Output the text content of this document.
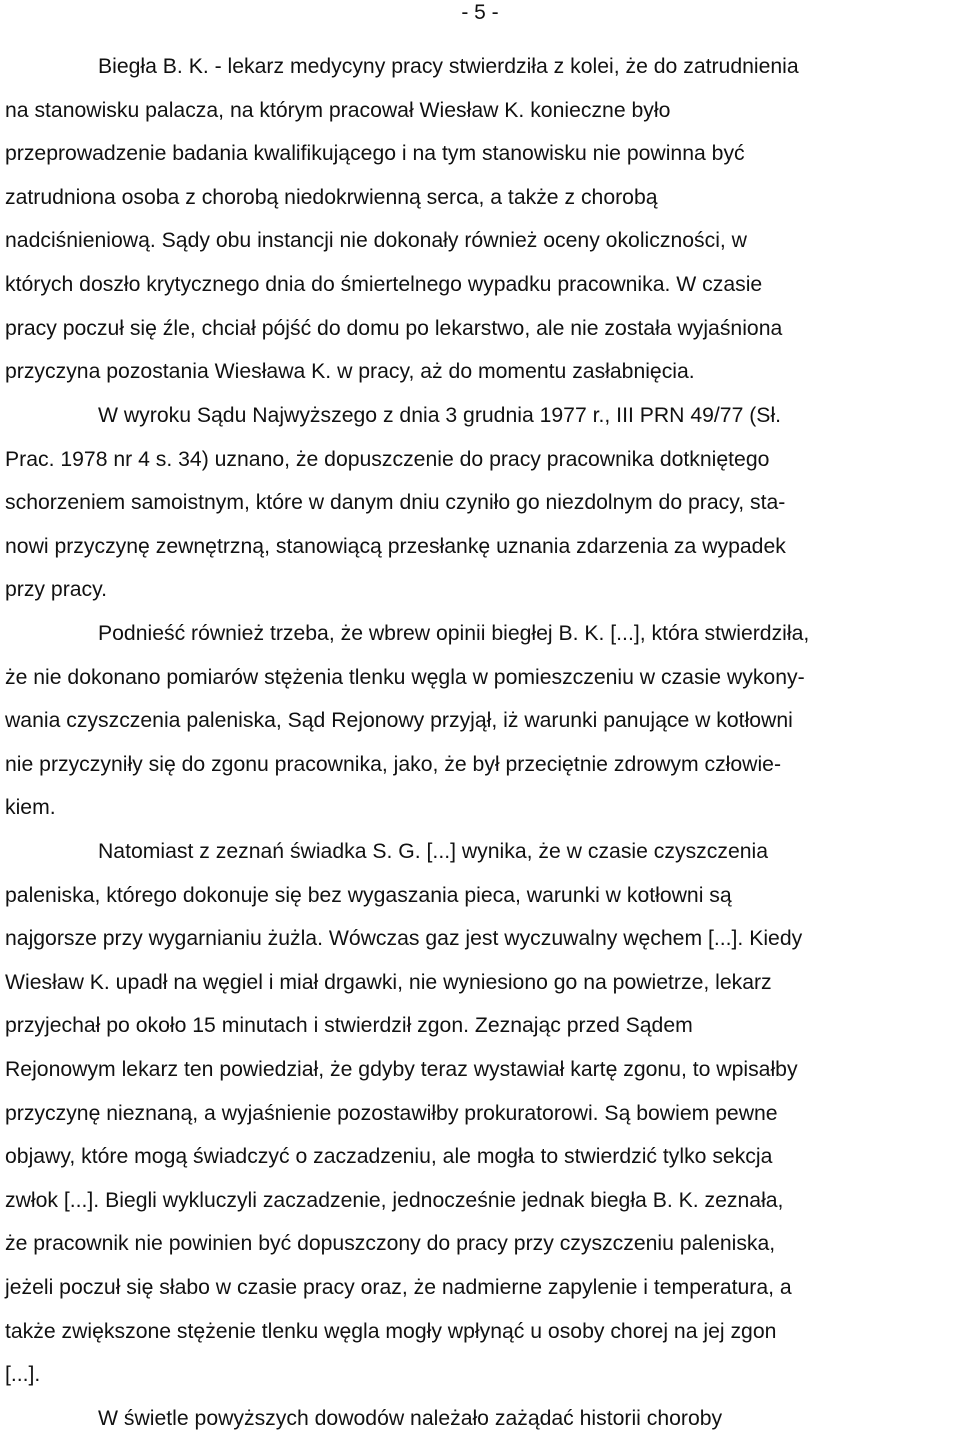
- 5 -
Biegła B. K. - lekarz medycyny pracy stwierdziła z kolei, że do zatrudnienia
na stanowisku palacza, na którym pracował Wiesław K. konieczne było
przeprowadzenie badania kwalifikującego i na tym stanowisku nie powinna być
zatrudniona osoba z chorobą niedokrwienną serca, a także z chorobą
nadciśnieniową. Sądy obu instancji nie dokonały również oceny okoliczności, w
których doszło krytycznego dnia do śmiertelnego wypadku pracownika. W czasie
pracy poczuł się źle, chciał pójść do domu po lekarstwo, ale nie została wyjaśniona
przyczyna pozostania Wiesława K. w pracy, aż do momentu zasłabnięcia.
W wyroku Sądu Najwyższego z dnia 3 grudnia 1977 r., III PRN 49/77 (Sł.
Prac. 1978 nr 4 s. 34) uznano, że dopuszczenie do pracy pracownika dotkniętego
schorzeniem samoistnym, które w danym dniu czyniło go niezdolnym do pracy, sta-
nowi przyczynę zewnętrzną, stanowiącą przesłankę uznania zdarzenia za wypadek
przy pracy.
Podnieść również trzeba, że wbrew opinii biegłej B. K. [...], która stwierdziła,
że nie dokonano pomiarów stężenia tlenku węgla w pomieszczeniu w czasie wykony-
wania czyszczenia paleniska, Sąd Rejonowy przyjął, iż warunki panujące w kotłowni
nie przyczyniły się do zgonu pracownika, jako, że był przeciętnie zdrowym człowie-
kiem.
Natomiast z zeznań świadka S. G. [...] wynika, że w czasie czyszczenia
paleniska, którego dokonuje się bez wygaszania pieca, warunki w kotłowni są
najgorsze przy wygarnianiu żużla. Wówczas gaz jest wyczuwalny węchem [...]. Kiedy
Wiesław K. upadł na węgiel i miał drgawki, nie wyniesiono go na powietrze, lekarz
przyjechał po około 15 minutach i stwierdził zgon. Zeznając przed Sądem
Rejonowym lekarz ten powiedział, że gdyby teraz wystawiał kartę zgonu, to wpisałby
przyczynę nieznaną, a wyjaśnienie pozostawiłby prokuratorowi. Są bowiem pewne
objawy, które mogą świadczyć o zaczadzeniu, ale mogła to stwierdzić tylko sekcja
zwłok [...]. Biegli wykluczyli zaczadzenie, jednocześnie jednak biegła B. K. zeznała,
że pracownik nie powinien być dopuszczony do pracy przy czyszczeniu paleniska,
jeżeli poczuł się słabo w czasie pracy oraz, że nadmierne zapylenie i temperatura, a
także zwiększone stężenie tlenku węgla mogły wpłynąć u osoby chorej na jej zgon
[...].
W świetle powyższych dowodów należało zażądać historii choroby
